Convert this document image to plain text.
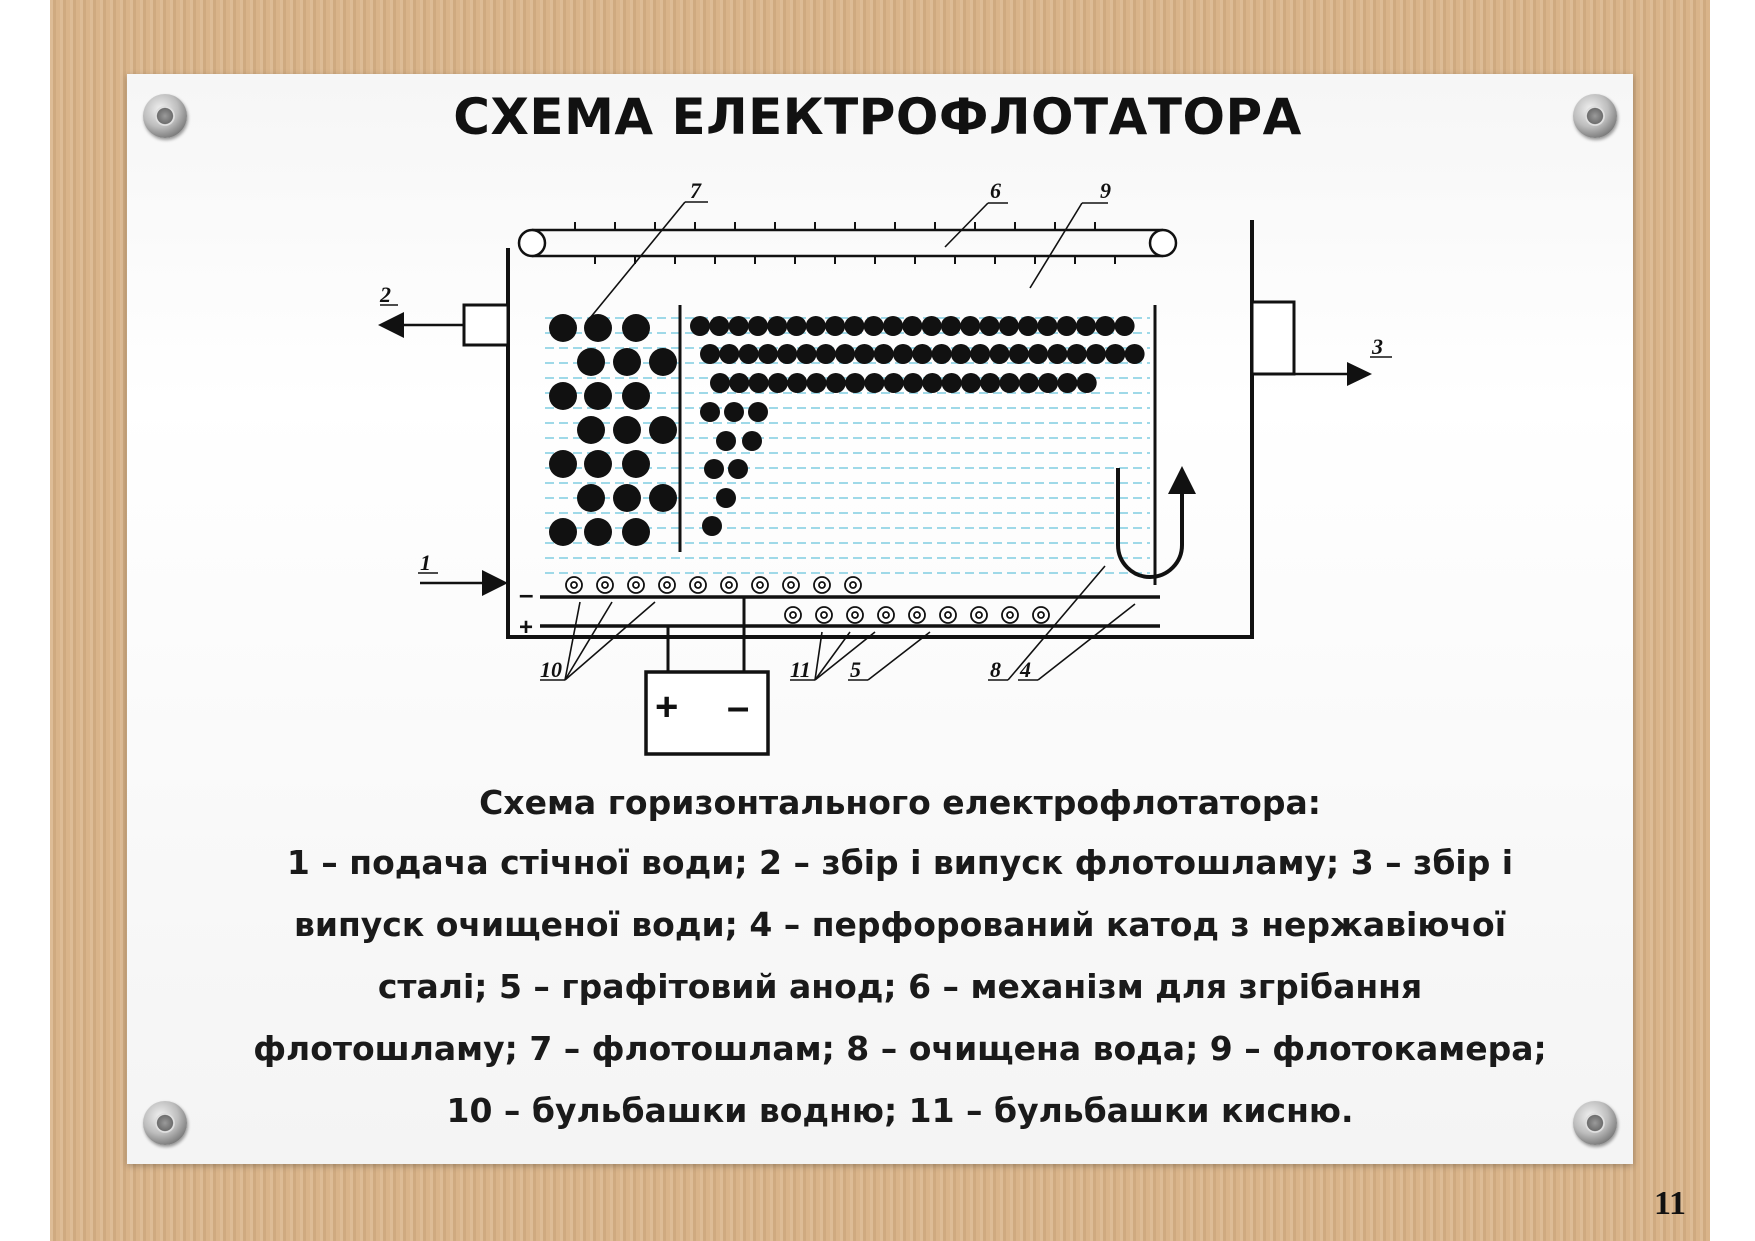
СХЕМА ЕЛЕКТРОФЛОТАТОРА
–
+
+ –
7	6	9
2
3
1
10	11 5	8 4
Схема горизонтального електрофлотатора:
1 – подача стічної води; 2 – збір і випуск флотошламу; 3 – збір і випуск очищеної води; 4 – перфорований катод з нержавіючої сталі; 5 – графітовий анод; 6 – механізм для згрібання флотошламу; 7 – флотошлам; 8 – очищена вода; 9 – флотокамера; 10 – бульбашки водню; 11 – бульбашки кисню.
11
